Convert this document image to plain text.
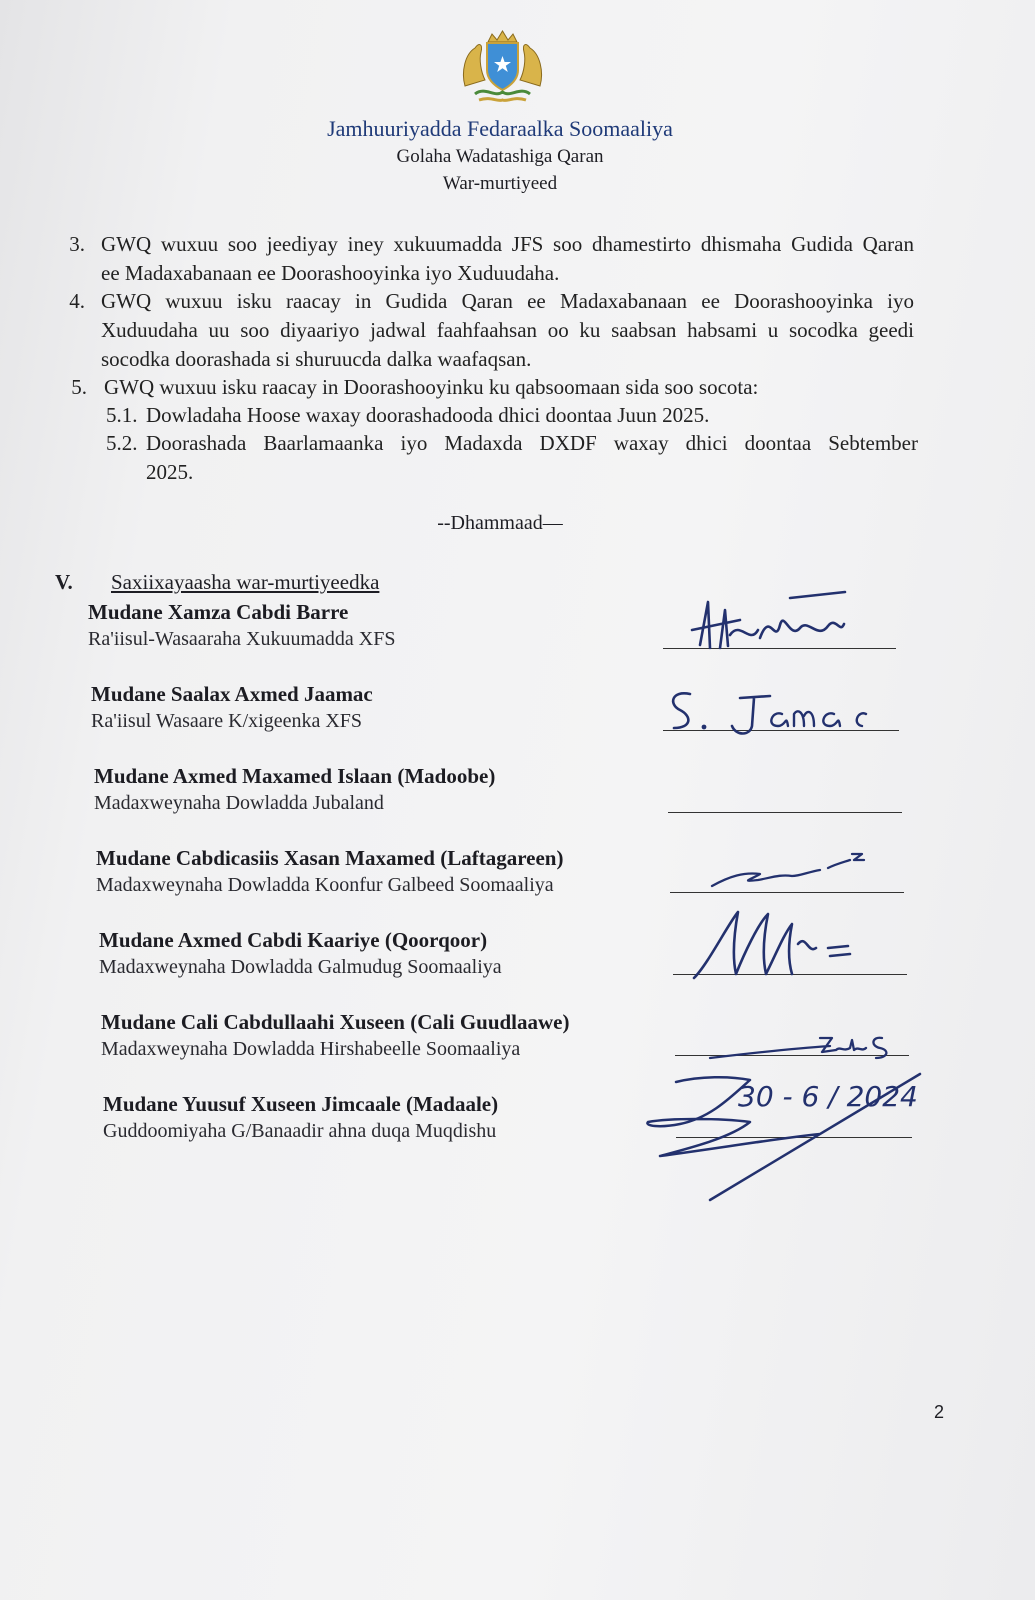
Jamhuuriyadda Fedaraalka Soomaaliya
Golaha Wadatashiga Qaran
War-murtiyeed
3. GWQ wuxuu soo jeediyay iney xukuumadda JFS soo dhamestirto dhismaha Gudida Qaran
ee Madaxabanaan ee Doorashooyinka iyo Xuduudaha.
4. GWQ wuxuu isku raacay in Gudida Qaran ee Madaxabanaan ee Doorashooyinka iyo
Xuduudaha uu soo diyaariyo jadwal faahfaahsan oo ku saabsan habsami u socodka geedi
socodka doorashada si shuruucda dalka waafaqsan.
5. GWQ wuxuu isku raacay in Doorashooyinku ku qabsoomaan sida soo socota:
5.1. Dowladaha Hoose waxay doorashadooda dhici doontaa Juun 2025.
5.2. Doorashada Baarlamaanka iyo Madaxda DXDF waxay dhici doontaa Sebtember
2025.
--Dhammaad—
V. Saxiixayaasha war-murtiyeedka
Mudane Xamza Cabdi Barre
Ra'iisul-Wasaaraha Xukuumadda XFS
Mudane Saalax Axmed Jaamac
Ra'iisul Wasaare K/xigeenka XFS
Mudane Axmed Maxamed Islaan (Madoobe)
Madaxweynaha Dowladda Jubaland
Mudane Cabdicasiis Xasan Maxamed (Laftagareen)
Madaxweynaha Dowladda Koonfur Galbeed Soomaaliya
Mudane Axmed Cabdi Kaariye (Qoorqoor)
Madaxweynaha Dowladda Galmudug Soomaaliya
Mudane Cali Cabdullaahi Xuseen (Cali Guudlaawe)
Madaxweynaha Dowladda Hirshabeelle Soomaaliya
Mudane Yuusuf Xuseen Jimcaale (Madaale)
Guddoomiyaha G/Banaadir ahna duqa Muqdishu
30 - 6 / 2024
2
